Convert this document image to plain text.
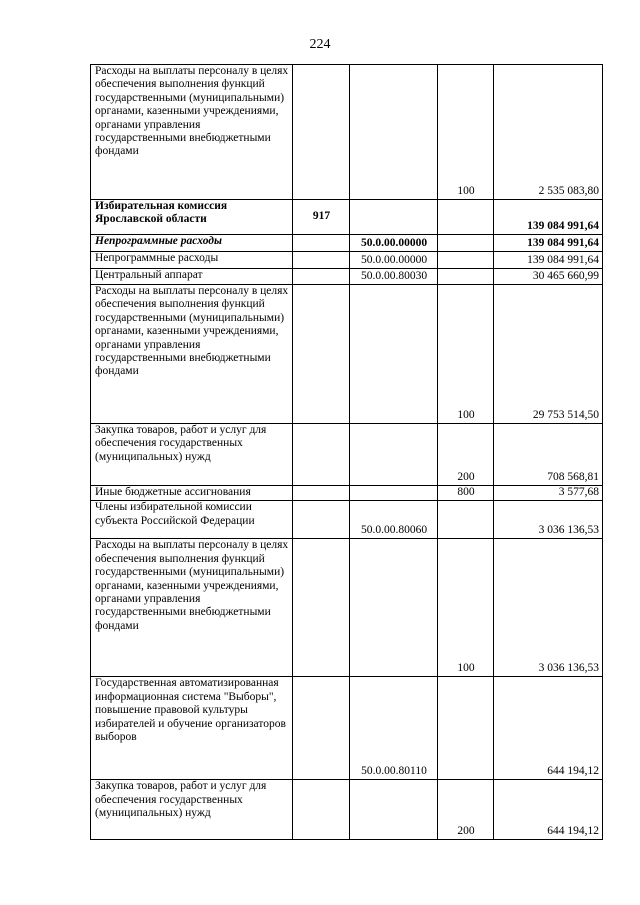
224
Расходы на выплаты персоналу в целях обеспечения выполнения функций государственными (муниципальными) органами, казенными учреждениями, органами управления государственными внебюджетными фондами			100	2 535 083,80
Избирательная комиссия Ярославской области	917			139 084 991,64
Непрограммные расходы		50.0.00.00000		139 084 991,64
Непрограммные расходы		50.0.00.00000		139 084 991,64
Центральный аппарат		50.0.00.80030		30 465 660,99
Расходы на выплаты персоналу в целях обеспечения выполнения функций государственными (муниципальными) органами, казенными учреждениями, органами управления государственными внебюджетными фондами			100	29 753 514,50
Закупка товаров, работ и услуг для обеспечения государственных (муниципальных) нужд			200	708 568,81
Иные бюджетные ассигнования			800	3 577,68
Члены избирательной комиссии субъекта Российской Федерации		50.0.00.80060		3 036 136,53
Расходы на выплаты персоналу в целях обеспечения выполнения функций государственными (муниципальными) органами, казенными учреждениями, органами управления государственными внебюджетными фондами			100	3 036 136,53
Государственная автоматизированная информационная система "Выборы", повышение правовой культуры избирателей и обучение организаторов выборов		50.0.00.80110		644 194,12
Закупка товаров, работ и услуг для обеспечения государственных (муниципальных) нужд			200	644 194,12
